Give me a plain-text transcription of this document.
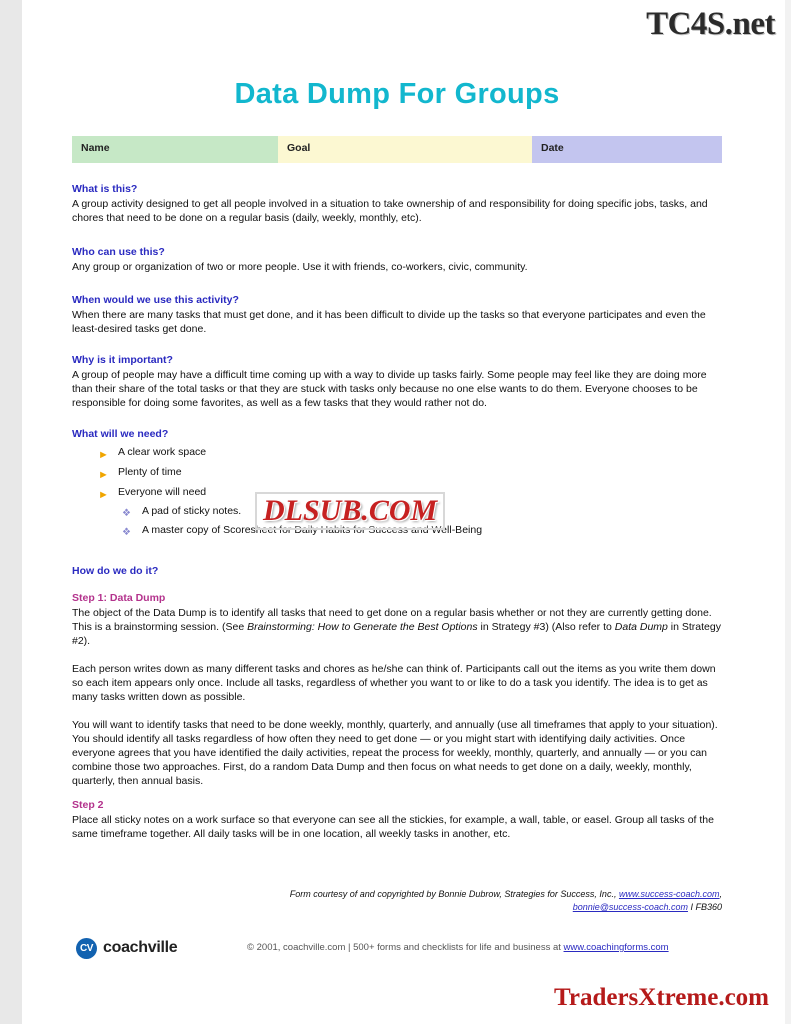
TC4S.net
Data Dump For Groups
Name	Goal	Date
What is this?

A group activity designed to get all people involved in a situation to take ownership of and responsibility for doing specific jobs, tasks, and chores that need to be done on a regular basis (daily, weekly, monthly, etc).

Who can use this?

Any group or organization of two or more people. Use it with friends, co-workers, civic, community.

When would we use this activity?

When there are many tasks that must get done, and it has been difficult to divide up the tasks so that everyone participates and even the least-desired tasks get done.

Why is it important?

A group of people may have a difficult time coming up with a way to divide up tasks fairly. Some people may feel like they are doing more than their share of the total tasks or that they are stuck with tasks only because no one else wants to do them. Everyone chooses to be responsible for doing some favorites, as well as a few tasks that they would rather not do.

What will we need?
► A clear work space
► Plenty of time
► Everyone will need
❖ A pad of sticky notes.
❖ A master copy of Scoresheet for Daily Habits for Success and Well-Being
How do we do it?
Step 1: Data Dump

The object of the Data Dump is to identify all tasks that need to get done on a regular basis whether or not they are currently getting done. This is a brainstorming session. (See Brainstorming: How to Generate the Best Options in Strategy #3) (Also refer to Data Dump in Strategy #2).

Each person writes down as many different tasks and chores as he/she can think of. Participants call out the items as you write them down so each item appears only once. Include all tasks, regardless of whether you want to or like to do a task you identify. The idea is to get as many tasks written down as possible.

You will want to identify tasks that need to be done weekly, monthly, quarterly, and annually (use all timeframes that apply to your situation). You should identify all tasks regardless of how often they need to get done — or you might start with identifying daily activities. Once everyone agrees that you have identified the daily activities, repeat the process for weekly, monthly, quarterly, and annually — or you can combine those two approaches. First, do a random Data Dump and then focus on what needs to get done on a daily, weekly, monthly, quarterly, then annual basis.

Step 2

Place all sticky notes on a work surface so that everyone can see all the stickies, for example, a wall, table, or easel. Group all tasks of the same timeframe together. All daily tasks will be in one location, all weekly tasks in another, etc.

Form courtesy of and copyrighted by Bonnie Dubrow, Strategies for Success, Inc., www.success-coach.com,
bonnie@success-coach.com I FB360
CV coachville	© 2001, coachville.com | 500+ forms and checklists for life and business at www.coachingforms.com
DLSUB.COM
TradersXtreme.com
